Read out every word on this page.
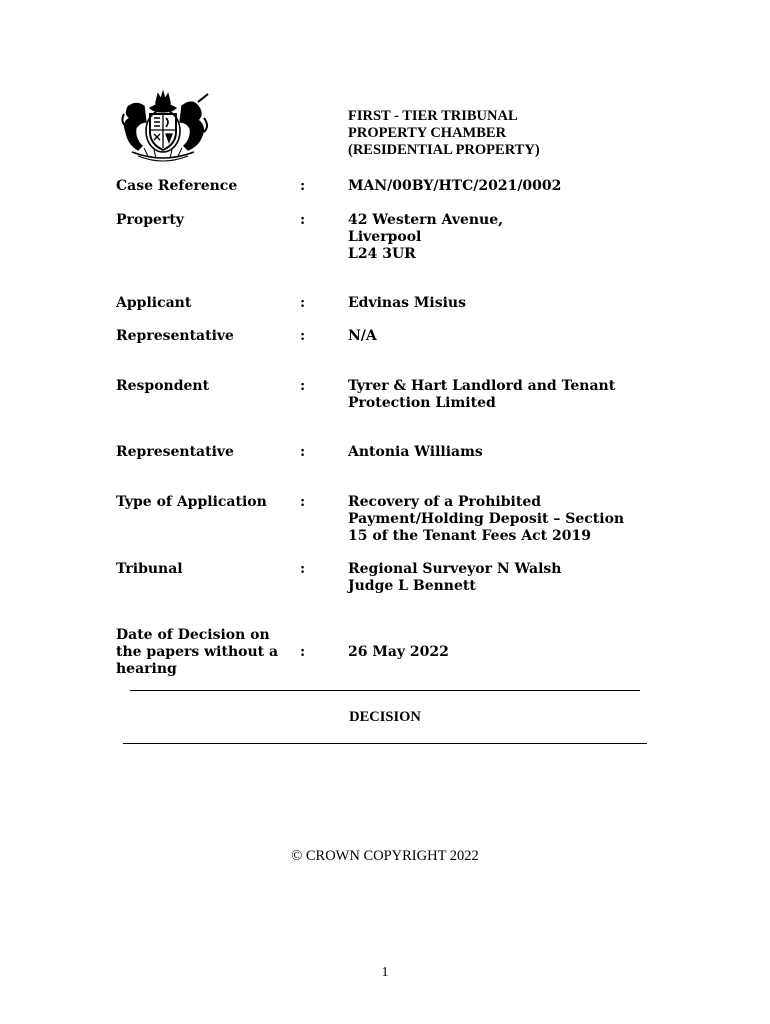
FIRST - TIER TRIBUNAL
PROPERTY CHAMBER
(RESIDENTIAL PROPERTY)
Case Reference	:	MAN/00BY/HTC/2021/0002
Property	:	42 Western Avenue,
Liverpool
L24 3UR
Applicant	:	Edvinas Misius
Representative	:	N/A
Respondent	:	Tyrer & Hart Landlord and Tenant
Protection Limited
Representative	:	Antonia Williams
Type of Application	:	Recovery of a Prohibited
Payment/Holding Deposit – Section
15 of the Tenant Fees Act 2019
Tribunal	:	Regional Surveyor N Walsh
Judge L Bennett
Date of Decision on
the papers without a
hearing
:	26 May 2022
DECISION
© CROWN COPYRIGHT 2022
1
